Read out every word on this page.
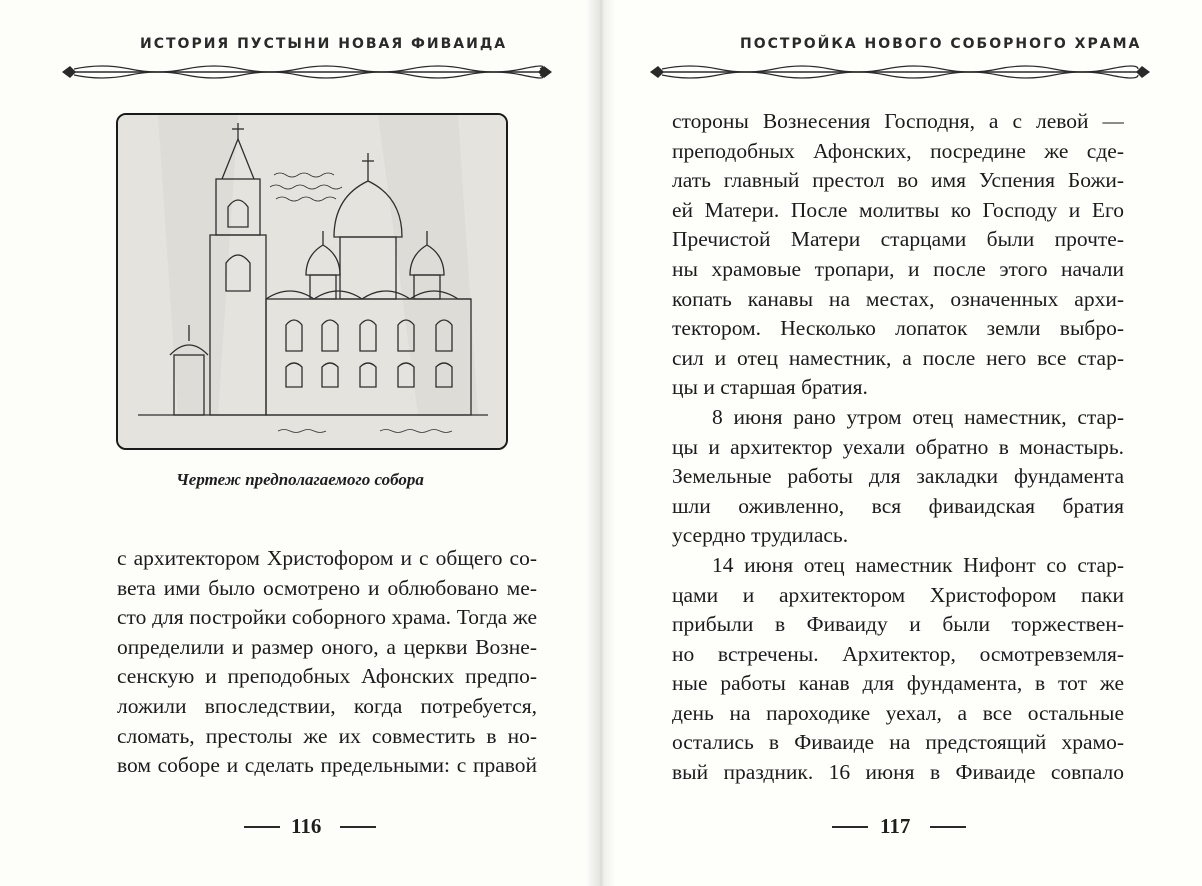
ИСТОРИЯ ПУСТЫНИ НОВАЯ ФИВАИДА
Чертеж предполагаемого собора
с архитектором Христофором и с общего со-
вета ими было осмотрено и облюбовано ме-
сто для постройки соборного храма. Тогда же
определили и размер оного, а церкви Возне-
сенскую и преподобных Афонских предпо-
ложили впоследствии, когда потребуется,
сломать, престолы же их совместить в но-
вом соборе и сделать предельными: с правой
116
ПОСТРОЙКА НОВОГО СОБОРНОГО ХРАМА
стороны Вознесения Господня, а с левой —
преподобных Афонских, посредине же сде-
лать главный престол во имя Успения Божи-
ей Матери. После молитвы ко Господу и Его
Пречистой Матери старцами были прочте-
ны храмовые тропари, и после этого начали
копать канавы на местах, означенных архи-
тектором. Несколько лопаток земли выбро-
сил и отец наместник, а после него все стар-
цы и старшая братия.
8 июня рано утром отец наместник, стар-
цы и архитектор уехали обратно в монастырь.
Земельные работы для закладки фундамента
шли оживленно, вся фиваидская братия
усердно трудилась.
14 июня отец наместник Нифонт со стар-
цами и архитектором Христофором паки
прибыли в Фиваиду и были торжествен-
но встречены. Архитектор, осмотревземля-
ные работы канав для фундамента, в тот же
день на пароходике уехал, а все остальные
остались в Фиваиде на предстоящий храмо-
вый праздник. 16 июня в Фиваиде совпало
117
